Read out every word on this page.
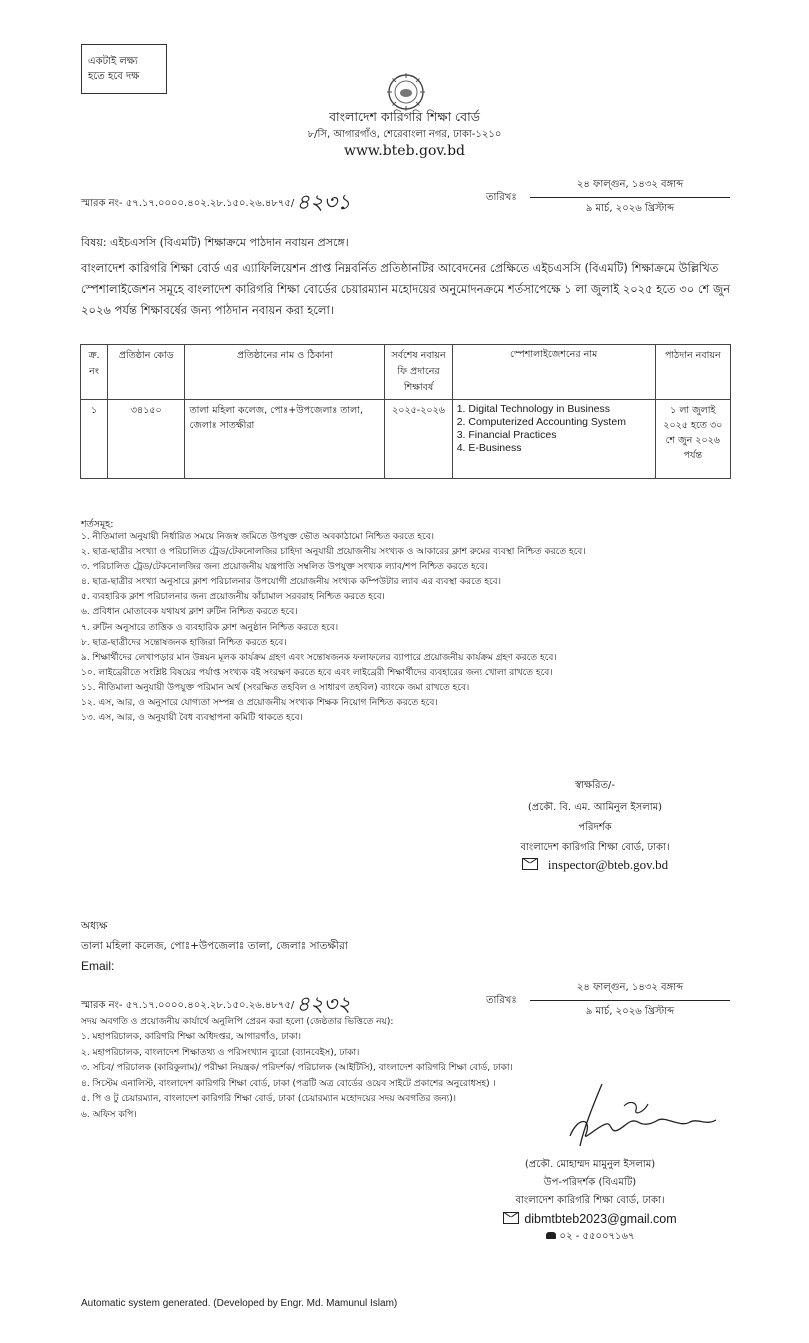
একটাই লক্ষ্য
হতে হবে দক্ষ
বাংলাদেশ কারিগরি শিক্ষা বোর্ড
৮/সি, আগারগাঁও, শেরেবাংলা নগর, ঢাকা-১২১০
www.bteb.gov.bd
স্মারক নং- ৫৭.১৭.০০০০.৪০২.২৮.১৫০.২৬.৪৮৭৫/৪২৩১	তারিখঃ
২৪ ফাল্গুন, ১৪৩২ বঙ্গাব্দ
৯ মার্চ, ২০২৬ খ্রিস্টাব্দ
বিষয়: এইচএসসি (বিএমটি) শিক্ষাক্রমে পাঠদান নবায়ন প্রসঙ্গে।
বাংলাদেশ কারিগরি শিক্ষা বোর্ড এর এ্যাফিলিয়েশন প্রাপ্ত নিম্নবর্নিত প্রতিষ্ঠানটির আবেদনের প্রেক্ষিতে এইচএসসি (বিএমটি) শিক্ষাক্রমে উল্লিখিত স্পেশালাইজেশন সমূহে বাংলাদেশ কারিগরি শিক্ষা বোর্ডের চেয়ারম্যান মহোদয়ের অনুমোদনক্রমে শর্তসাপেক্ষে ১ লা জুলাই ২০২৫ হতে ৩০ শে জুন ২০২৬ পর্যন্ত শিক্ষাবর্ষের জন্য পাঠদান নবায়ন করা হলো।
ক্র. নং	প্রতিষ্ঠান কোড	প্রতিষ্ঠানের নাম ও ঠিকানা	সর্বশেষ নবায়ন ফি প্রদানের শিক্ষাবর্ষ	স্পেশালাইজেশনের নাম	পাঠদান নবায়ন
১	৩৪১৫০	তালা মহিলা কলেজ, পোঃ+উপজেলাঃ তালা, জেলাঃ সাতক্ষীরা	২০২৫-২০২৬	1. Digital Technology in Business
2. Computerized Accounting System
3. Financial Practices
4. E-Business	১ লা জুলাই ২০২৫ হতে ৩০ শে জুন ২০২৬ পর্যন্ত
শর্তসমূহ:
১. নীতিমালা অনুযায়ী নির্ধারিত সময়ে নিজস্ব জমিতে উপযুক্ত ভৌত অবকাঠামো নিশ্চিত করতে হবে।
২. ছাত্র-ছাত্রীর সংখ্যা ও পরিচালিত ট্রেড/টেকনোলজির চাহিদা অনুযায়ী প্রয়োজনীয় সংখ্যক ও আকারের ক্লাশ রুমের ব্যবস্থা নিশ্চিত করতে হবে।
৩. পরিচালিত ট্রেড/টেকনোলজির জন্য প্রয়োজনীয় যন্ত্রপাতি সম্বলিত উপযুক্ত সংখ্যক ল্যাব/শপ নিশ্চিত করতে হবে।
৪. ছাত্র-ছাত্রীর সংখ্যা অনুসারে ক্লাশ পরিচালনার উপযোগী প্রয়োজনীয় সংখ্যক কম্পিউটার ল্যাব এর ব্যবস্থা করতে হবে।
৫. ব্যবহারিক ক্লাশ পরিচালনার জন্য প্রয়োজনীয় কাঁচামাল সরবরাহ নিশ্চিত করতে হবে।
৬. প্রবিধান মোতাবেক যথাযথ ক্লাশ রুটিন নিশ্চিত করতে হবে।
৭. রুটিন অনুসারে তাত্তিক ও ব্যবহারিক ক্লাশ অনুষ্ঠান নিশ্চিত করতে হবে।
৮. ছাত্র-ছাত্রীদের সন্তোষজনক হাজিরা নিশ্চিত করতে হবে।
৯. শিক্ষার্থীদের লেখাপড়ার মান উন্নয়ন মূলক কার্যক্রম গ্রহণ এবং সন্তোষজনক ফলাফলের ব্যাপারে প্রয়োজনীয় কার্যক্রম গ্রহণ করতে হবে।
১০. লাইব্রেরীতে সংশ্লিষ্ট বিষয়ের পর্যাপ্ত সংখ্যক বই সংরক্ষণ করতে হবে এবং লাইব্রেরী শিক্ষার্থীদের ব্যবহারের জন্য খোলা রাখতে হবে।
১১. নীতিমালা অনুযায়ী উপযুক্ত পরিমান অর্থ (সংরক্ষিত তহবিল ও সাধারণ তহবিল) ব্যাংকে জমা রাখতে হবে।
১২. এস, আর, ও অনুসারে যোগ্যতা সম্পন্ন ও প্রয়োজনীয় সংখ্যক শিক্ষক নিয়োগ নিশ্চিত করতে হবে।
১৩. এস, আর, ও অনুযায়ী বৈধ ব্যবস্থাপনা কমিটি থাকতে হবে।
স্বাক্ষরিত/-
(প্রকৌ. বি. এম. আমিনুল ইসলাম)
পরিদর্শক
বাংলাদেশ কারিগরি শিক্ষা বোর্ড, ঢাকা।
inspector@bteb.gov.bd
অধ্যক্ষ
তালা মহিলা কলেজ, পোঃ+উপজেলাঃ তালা, জেলাঃ সাতক্ষীরা
Email:
স্মারক নং- ৫৭.১৭.০০০০.৪০২.২৮.১৫০.২৬.৪৮৭৫/৪২৩২	তারিখঃ
২৪ ফাল্গুন, ১৪৩২ বঙ্গাব্দ
৯ মার্চ, ২০২৬ খ্রিস্টাব্দ
সদয় অবগতি ও প্রয়োজনীয় কার্যার্থে অনুলিপি প্রেরন করা হলো (জেষ্ঠতার ভিত্তিতে নয়):
১. মহাপরিচালক, কারিগরি শিক্ষা অধিদপ্তর, আগারগাঁও, ঢাকা।
২. মহাপরিচালক, বাংলাদেশ শিক্ষাতথ্য ও পরিসংখ্যান ব্যুরো (ব্যানবেইস), ঢাকা।
৩. সচিব/ পরিচালক (কারিকুলাম)/ পরীক্ষা নিয়ন্ত্রক/ পরিদর্শক/ পরিচালক (আইটিসি), বাংলাদেশ কারিগরি শিক্ষা বোর্ড, ঢাকা।
৪. সিস্টেম এনালিস্ট, বাংলাদেশ কারিগরি শিক্ষা বোর্ড, ঢাকা (পত্রটি অত্র বোর্ডের ওয়েব সাইটে প্রকাশের অনুরোধসহ) ।
৫. পি ও টু চেয়ারম্যান, বাংলাদেশ কারিগরি শিক্ষা বোর্ড, ঢাকা (চেয়ারম্যান মহোদয়ের সদয় অবগতির জন্য)।
৬. অফিস কপি।
(প্রকৌ. মোহাম্মদ মামুনুল ইসলাম)
উপ-পরিদর্শক (বিএমটি)
বাংলাদেশ কারিগরি শিক্ষা বোর্ড, ঢাকা।
dibmtbteb2023@gmail.com
০২ - ৫৫০০৭১৬৭
Automatic system generated. (Developed by Engr. Md. Mamunul Islam)
